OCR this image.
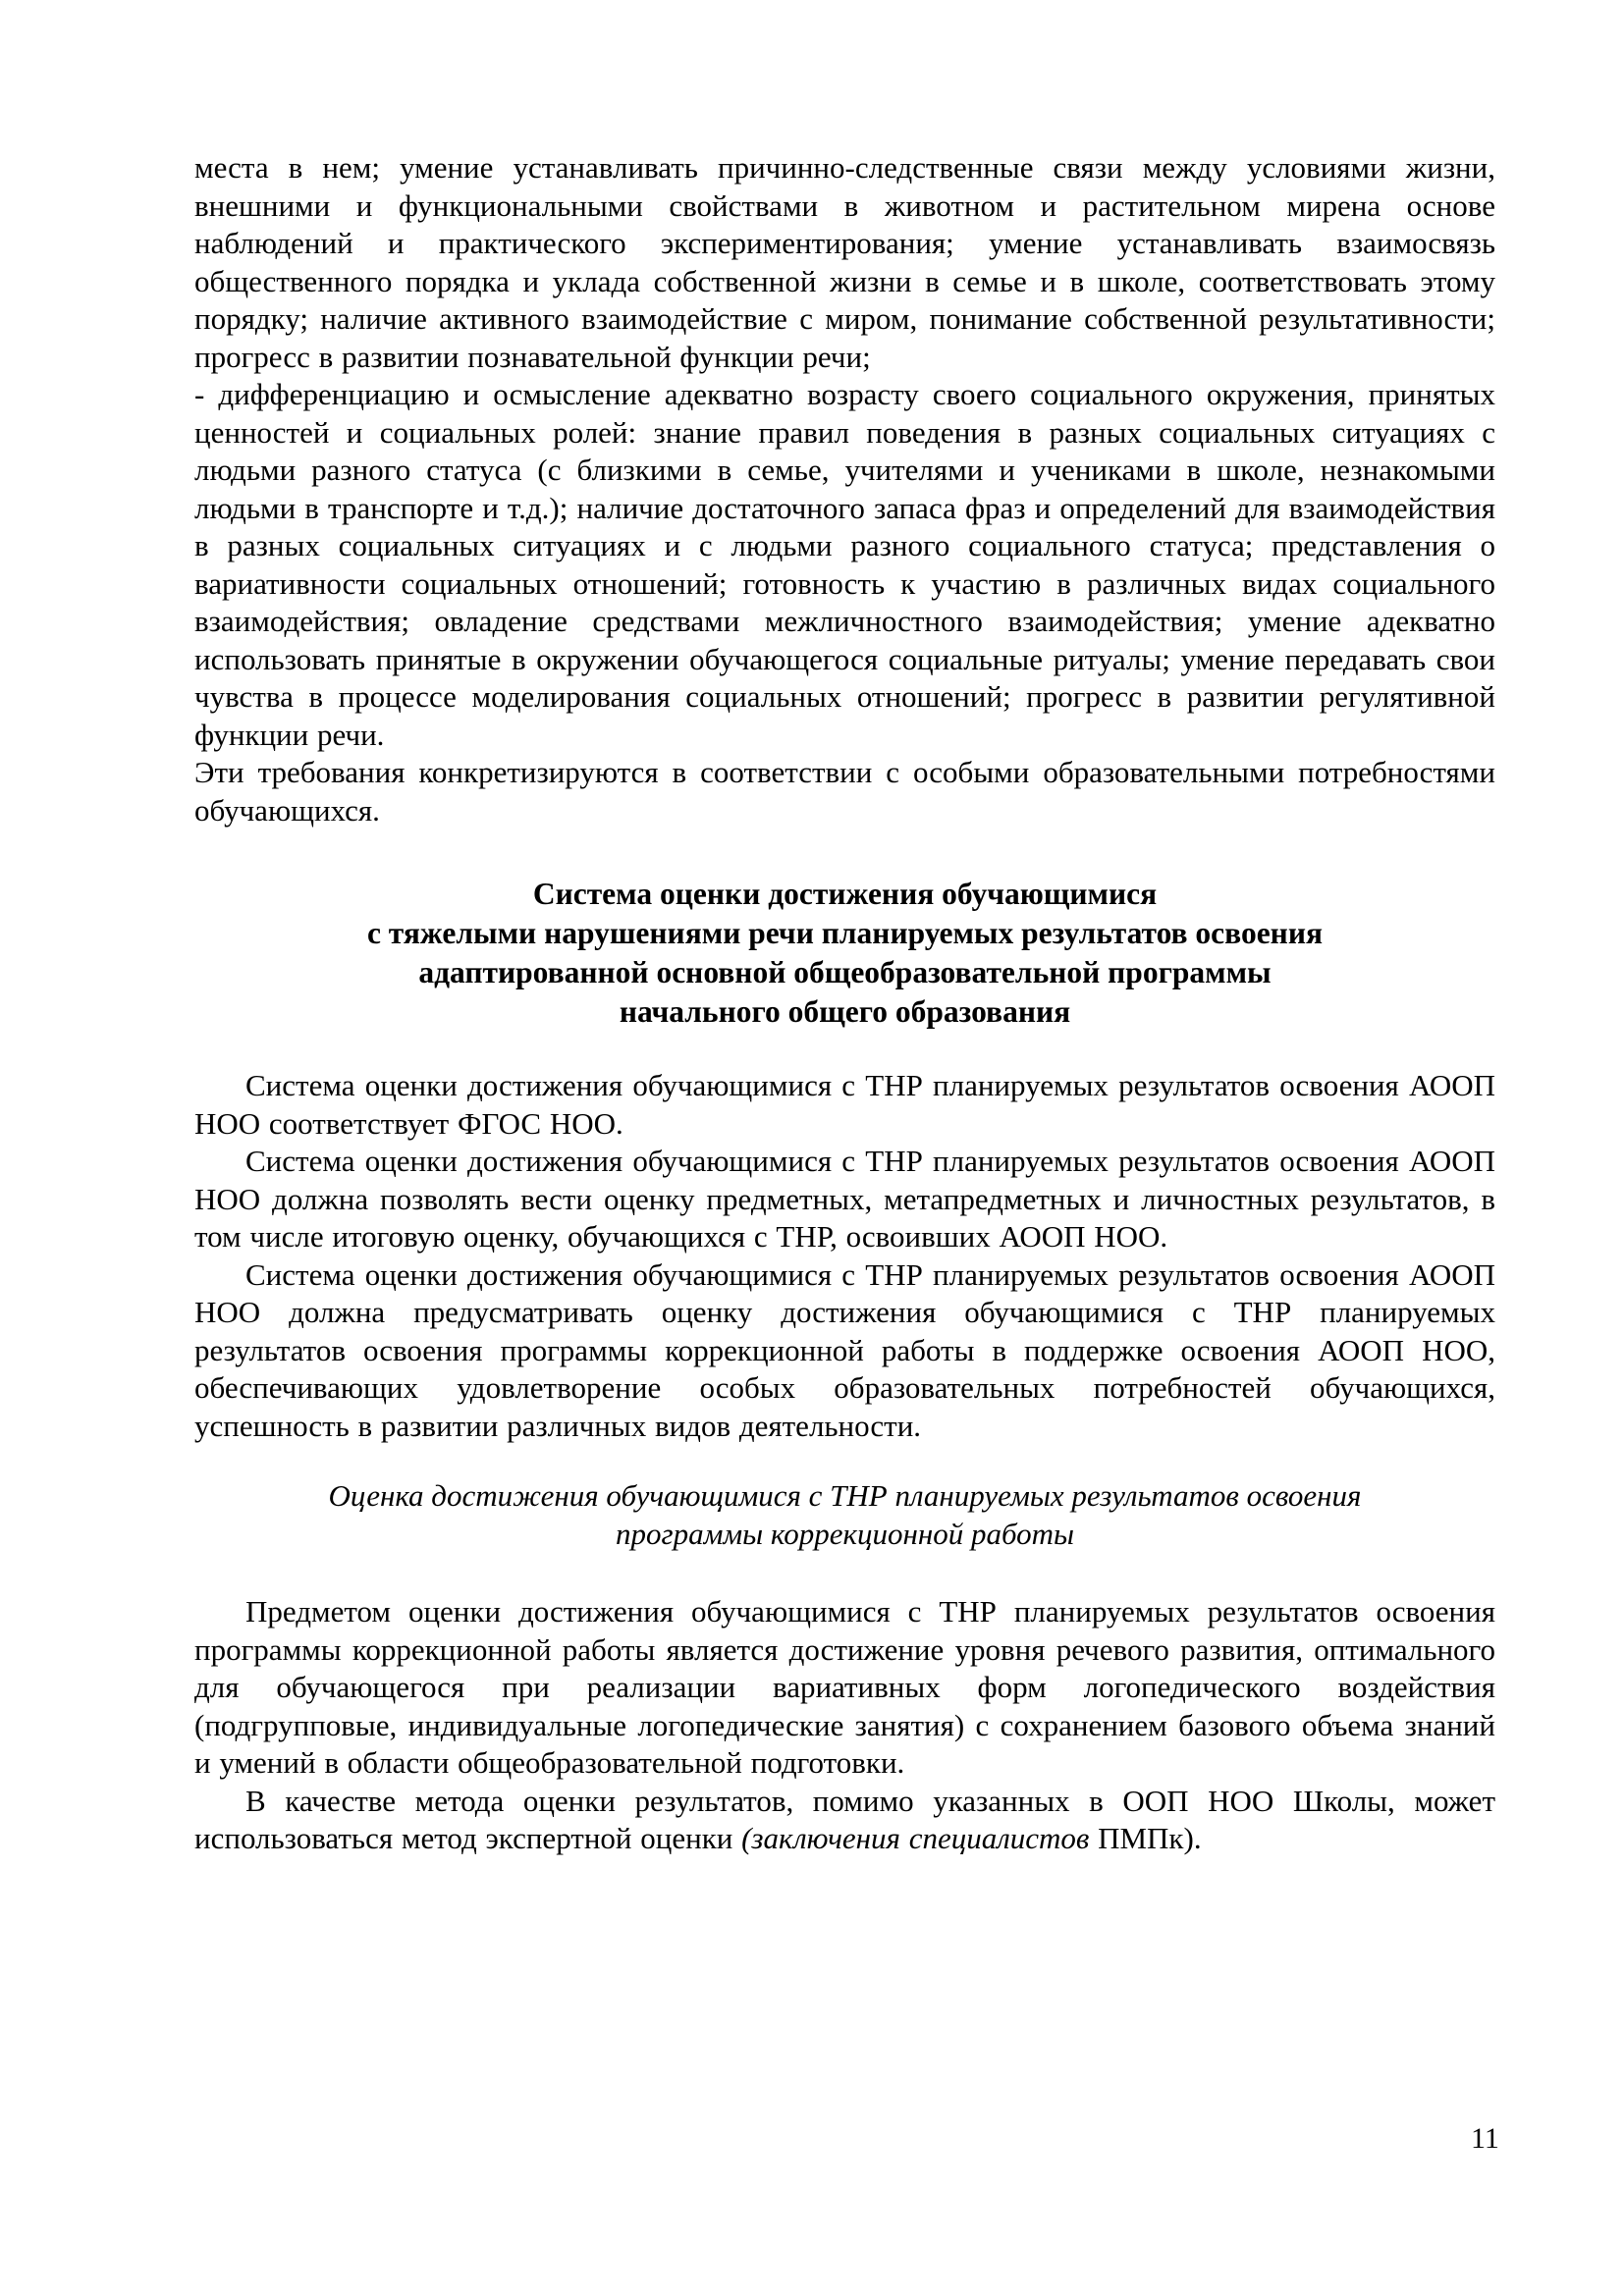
места в нем; умение устанавливать причинно-следственные связи между условиями жизни, внешними и функциональными свойствами в животном и растительном мирена основе наблюдений и практического экспериментирования; умение устанавливать взаимосвязь общественного порядка и уклада собственной жизни в семье и в школе, соответствовать этому порядку; наличие активного взаимодействие с миром, понимание собственной результативности; прогресс в развитии познавательной функции речи;

- дифференциацию и осмысление адекватно возрасту своего социального окружения, принятых ценностей и социальных ролей: знание правил поведения в разных социальных ситуациях с людьми разного статуса (с близкими в семье, учителями и учениками в школе, незнакомыми людьми в транспорте и т.д.); наличие достаточного запаса фраз и определений для взаимодействия в разных социальных ситуациях и с людьми разного социального статуса; представления о вариативности социальных отношений; готовность к участию в различных видах социального взаимодействия; овладение средствами межличностного взаимодействия; умение адекватно использовать принятые в окружении обучающегося социальные ритуалы; умение передавать свои чувства в процессе моделирования социальных отношений; прогресс в развитии регулятивной функции речи.

Эти требования конкретизируются в соответствии с особыми образовательными потребностями обучающихся.

Система оценки достижения обучающимися
с тяжелыми нарушениями речи планируемых результатов освоения
адаптированной основной общеобразовательной программы
начального общего образования

Система оценки достижения обучающимися с ТНР планируемых результатов освоения АООП НОО соответствует ФГОС НОО.

Система оценки достижения обучающимися с ТНР планируемых результатов освоения АООП НОО должна позволять вести оценку предметных, метапредметных и личностных результатов, в том числе итоговую оценку, обучающихся с ТНР, освоивших АООП НОО.

Система оценки достижения обучающимися с ТНР планируемых результатов освоения АООП НОО должна предусматривать оценку достижения обучающимися с ТНР планируемых результатов освоения программы коррекционной работы в поддержке освоения АООП НОО, обеспечивающих удовлетворение особых образовательных потребностей обучающихся, успешность в развитии различных видов деятельности.

Оценка достижения обучающимися с ТНР планируемых результатов освоения
программы коррекционной работы

Предметом оценки достижения обучающимися с ТНР планируемых результатов освоения программы коррекционной работы является достижение уровня речевого развития, оптимального для обучающегося при реализации вариативных форм логопедического воздействия (подгрупповые, индивидуальные логопедические занятия) с сохранением базового объема знаний и умений в области общеобразовательной подготовки.

В качестве метода оценки результатов, помимо указанных в ООП НОО Школы, может использоваться метод экспертной оценки (заключения специалистов ПМПк).

11
